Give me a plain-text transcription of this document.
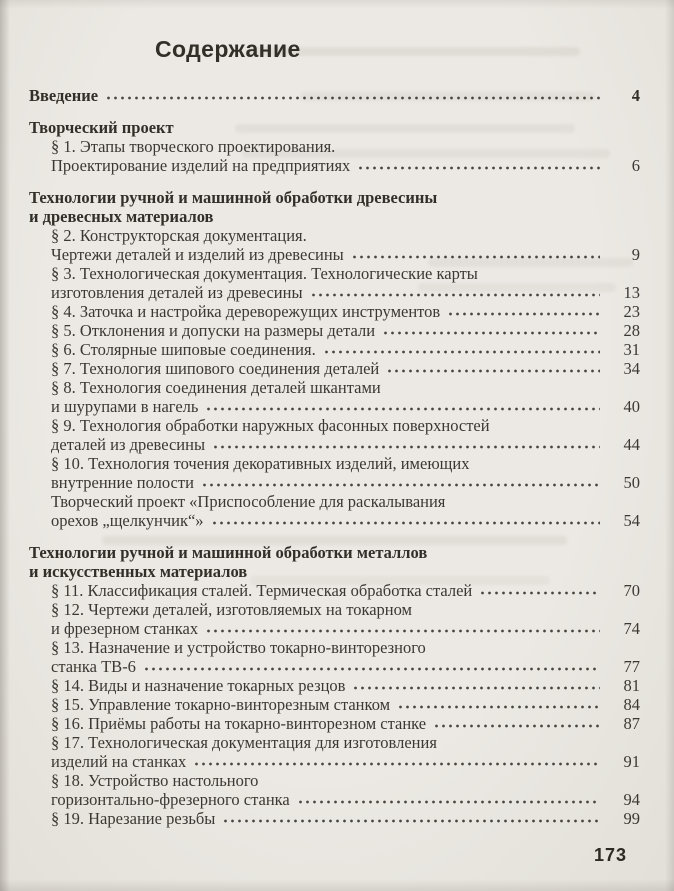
Содержание
Введение	4
Творческий проект
§ 1. Этапы творческого проектирования.
Проектирование изделий на предприятиях	6
Технологии ручной и машинной обработки древесины
и древесных материалов
§ 2. Конструкторская документация.
Чертежи деталей и изделий из древесины	9
§ 3. Технологическая документация. Технологические карты
изготовления деталей из древесины	13
§ 4. Заточка и настройка дереворежущих инструментов	23
§ 5. Отклонения и допуски на размеры детали	28
§ 6. Столярные шиповые соединения.	31
§ 7. Технология шипового соединения деталей	34
§ 8. Технология соединения деталей шкантами
и шурупами в нагель	40
§ 9. Технология обработки наружных фасонных поверхностей
деталей из древесины	44
§ 10. Технология точения декоративных изделий, имеющих
внутренние полости	50
Творческий проект «Приспособление для раскалывания
орехов „щелкунчик“»	54
Технологии ручной и машинной обработки металлов
и искусственных материалов
§ 11. Классификация сталей. Термическая обработка сталей	70
§ 12. Чертежи деталей, изготовляемых на токарном
и фрезерном станках	74
§ 13. Назначение и устройство токарно-винторезного
станка ТВ-6	77
§ 14. Виды и назначение токарных резцов	81
§ 15. Управление токарно-винторезным станком	84
§ 16. Приёмы работы на токарно-винторезном станке	87
§ 17. Технологическая документация для изготовления
изделий на станках	91
§ 18. Устройство настольного
горизонтально-фрезерного станка	94
§ 19. Нарезание резьбы	99
173
